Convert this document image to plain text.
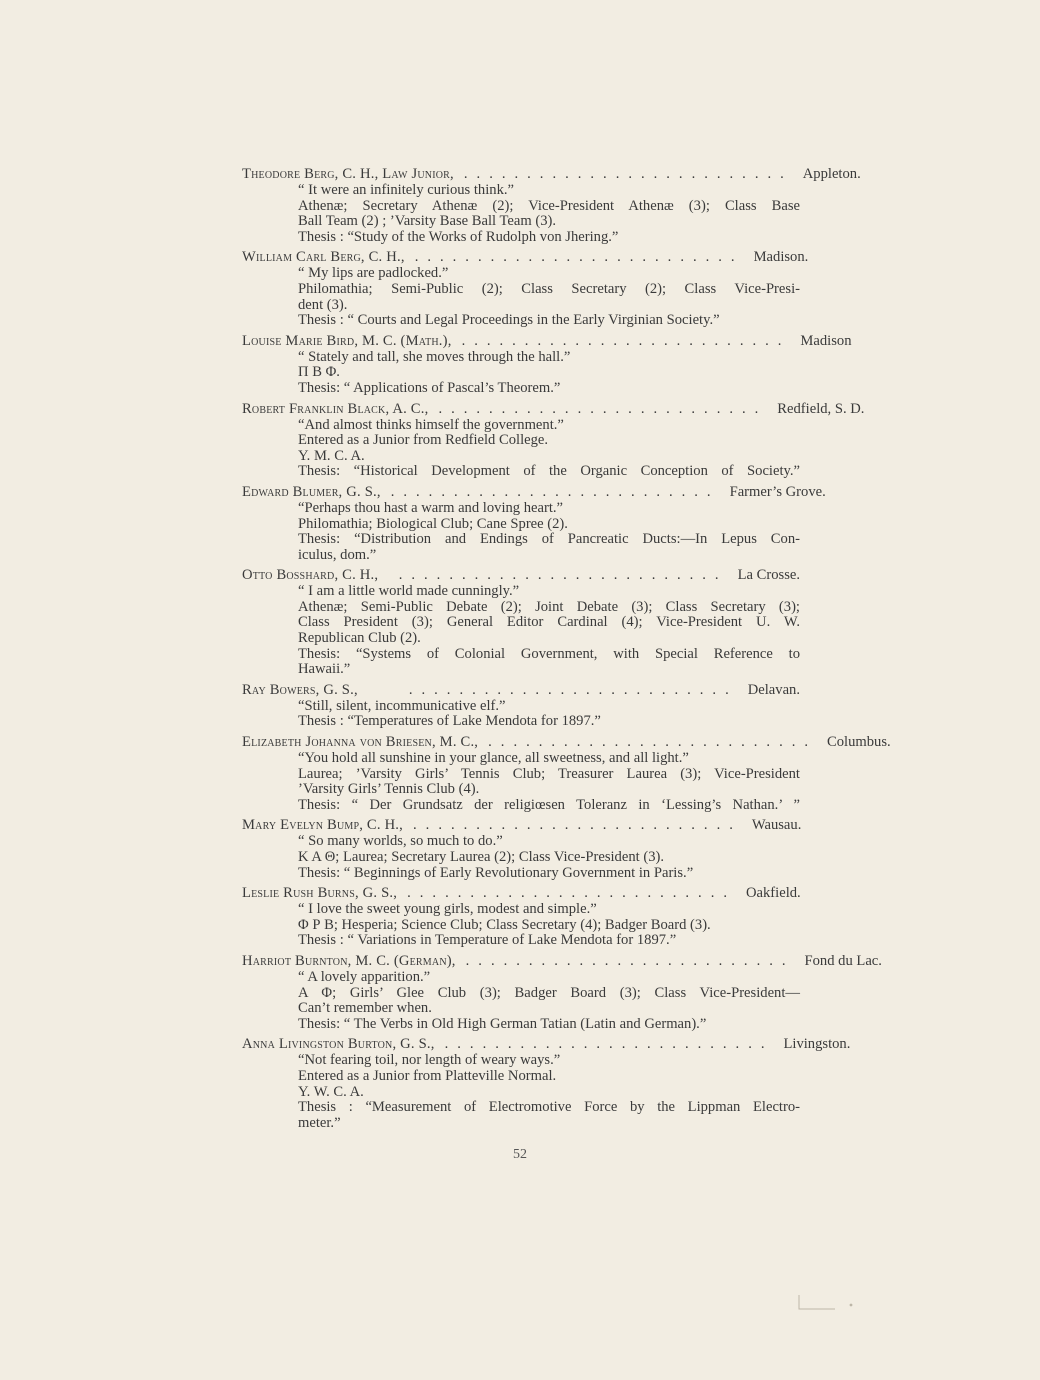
Theodore Berg, C. H., Law Junior, .......................... Appleton.
“ It were an infinitely curious think.”
Athenæ; Secretary Athenæ (2); Vice-President Athenæ (3); Class Base
Ball Team (2) ; ’Varsity Base Ball Team (3).
Thesis : “Study of the Works of Rudolph von Jhering.”
William Carl Berg, C. H., .......................... Madison.
“ My lips are padlocked.”
Philomathia; Semi-Public (2); Class Secretary (2); Class Vice-Presi-
dent (3).
Thesis : “ Courts and Legal Proceedings in the Early Virginian Society.”
Louise Marie Bird, M. C. (Math.), .......................... Madison
“ Stately and tall, she moves through the hall.”
Π Β Φ.
Thesis: “ Applications of Pascal’s Theorem.”
Robert Franklin Black, A. C., .......................... Redfield, S. D.
“And almost thinks himself the government.”
Entered as a Junior from Redfield College.
Y. M. C. A.
Thesis: “Historical Development of the Organic Conception of Society.”
Edward Blumer, G. S., .......................... Farmer’s Grove.
“Perhaps thou hast a warm and loving heart.”
Philomathia; Biological Club; Cane Spree (2).
Thesis: “Distribution and Endings of Pancreatic Ducts:—In Lepus Con-
iculus, dom.”
Otto Bosshard, C. H.,	.......................... La Crosse.
“ I am a little world made cunningly.”
Athenæ; Semi-Public Debate (2); Joint Debate (3); Class Secretary (3);
Class President (3); General Editor Cardinal (4); Vice-President U. W.
Republican Club (2).
Thesis: “Systems of Colonial Government, with Special Reference to
Hawaii.”
Ray Bowers, G. S.,	.......................... Delavan.
“Still, silent, incommunicative elf.”
Thesis : “Temperatures of Lake Mendota for 1897.”
Elizabeth Johanna von Briesen, M. C., .......................... Columbus.
“You hold all sunshine in your glance, all sweetness, and all light.”
Laurea; ’Varsity Girls’ Tennis Club; Treasurer Laurea (3); Vice-President
’Varsity Girls’ Tennis Club (4).
Thesis: “ Der Grundsatz der religiœsen Toleranz in ‘Lessing’s Nathan.’ ”
Mary Evelyn Bump, C. H., .......................... Wausau.
“ So many worlds, so much to do.”
Κ Α Θ; Laurea; Secretary Laurea (2); Class Vice-President (3).
Thesis: “ Beginnings of Early Revolutionary Government in Paris.”
Leslie Rush Burns, G. S., .......................... Oakfield.
“ I love the sweet young girls, modest and simple.”
Φ Ρ Β; Hesperia; Science Club; Class Secretary (4); Badger Board (3).
Thesis : “ Variations in Temperature of Lake Mendota for 1897.”
Harriot Burnton, M. C. (German), .......................... Fond du Lac.
“ A lovely apparition.”
Α Φ; Girls’ Glee Club (3); Badger Board (3); Class Vice-President—
Can’t remember when.
Thesis: “ The Verbs in Old High German Tatian (Latin and German).”
Anna Livingston Burton, G. S., .......................... Livingston.
“Not fearing toil, nor length of weary ways.”
Entered as a Junior from Platteville Normal.
Y. W. C. A.
Thesis : “Measurement of Electromotive Force by the Lippman Electro-
meter.”
52
